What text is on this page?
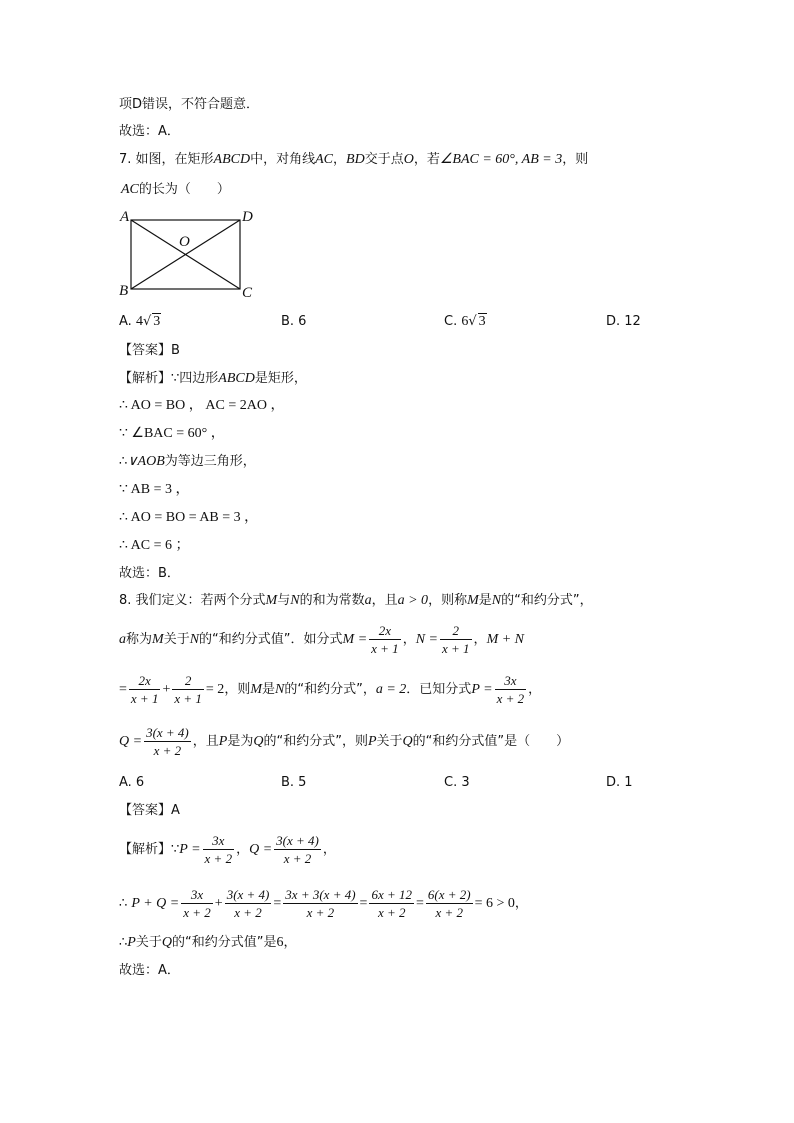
项D错误，不符合题意．
故选：A．
7. 如图，在矩形ABCD中，对角线AC，BD交于点O，若∠BAC = 60°, AB = 3，则
AC的长为（　　）
A	D
O
B	C
A. 4√ 3	B. 6	C. 6√ 3	D. 12
【答案】B
【解析】∵四边形ABCD是矩形，
∴ AO = BO ， AC = 2AO ，
∵ ∠BAC = 60° ，
∴∨AOB为等边三角形，
∵ AB = 3 ，
∴ AO = BO = AB = 3 ，
∴ AC = 6 ；
故选：B．
8. 我们定义：若两个分式M与N的和为常数a，且a > 0，则称M是N的“和约分式”，
a称为M关于N的“和约分式值”．如分式$M = \frac{2x}{x + 1}$ ，$N = \frac{2}{x + 1}$ ，M + N
= $\frac{2x}{x + 1} + \frac{2}{x + 1} = 2$，则M是N的“和约分式”，a = 2．已知分式$P = \frac{3x}{x + 2}$ ，
$Q = \frac{3(x + 4)}{x + 2}$ ，且P是为Q的“和约分式”，则P关于Q的“和约分式值”是（　　）
A. 6	B. 5	C. 3	D. 1
【答案】A
【解析】∵P = $\frac{3x}{x + 2}$ ，$Q = \frac{3(x + 4)}{x + 2}$ ，
∴ $P + Q = \frac{3x}{x + 2} + \frac{3(x + 4)}{x + 2} = \frac{3x + 3(x + 4)}{x + 2} = \frac{6x + 12}{x + 2} = \frac{6(x + 2)}{x + 2} = 6 > 0$，
∴P关于Q的“和约分式值”是6，
故选：A．
